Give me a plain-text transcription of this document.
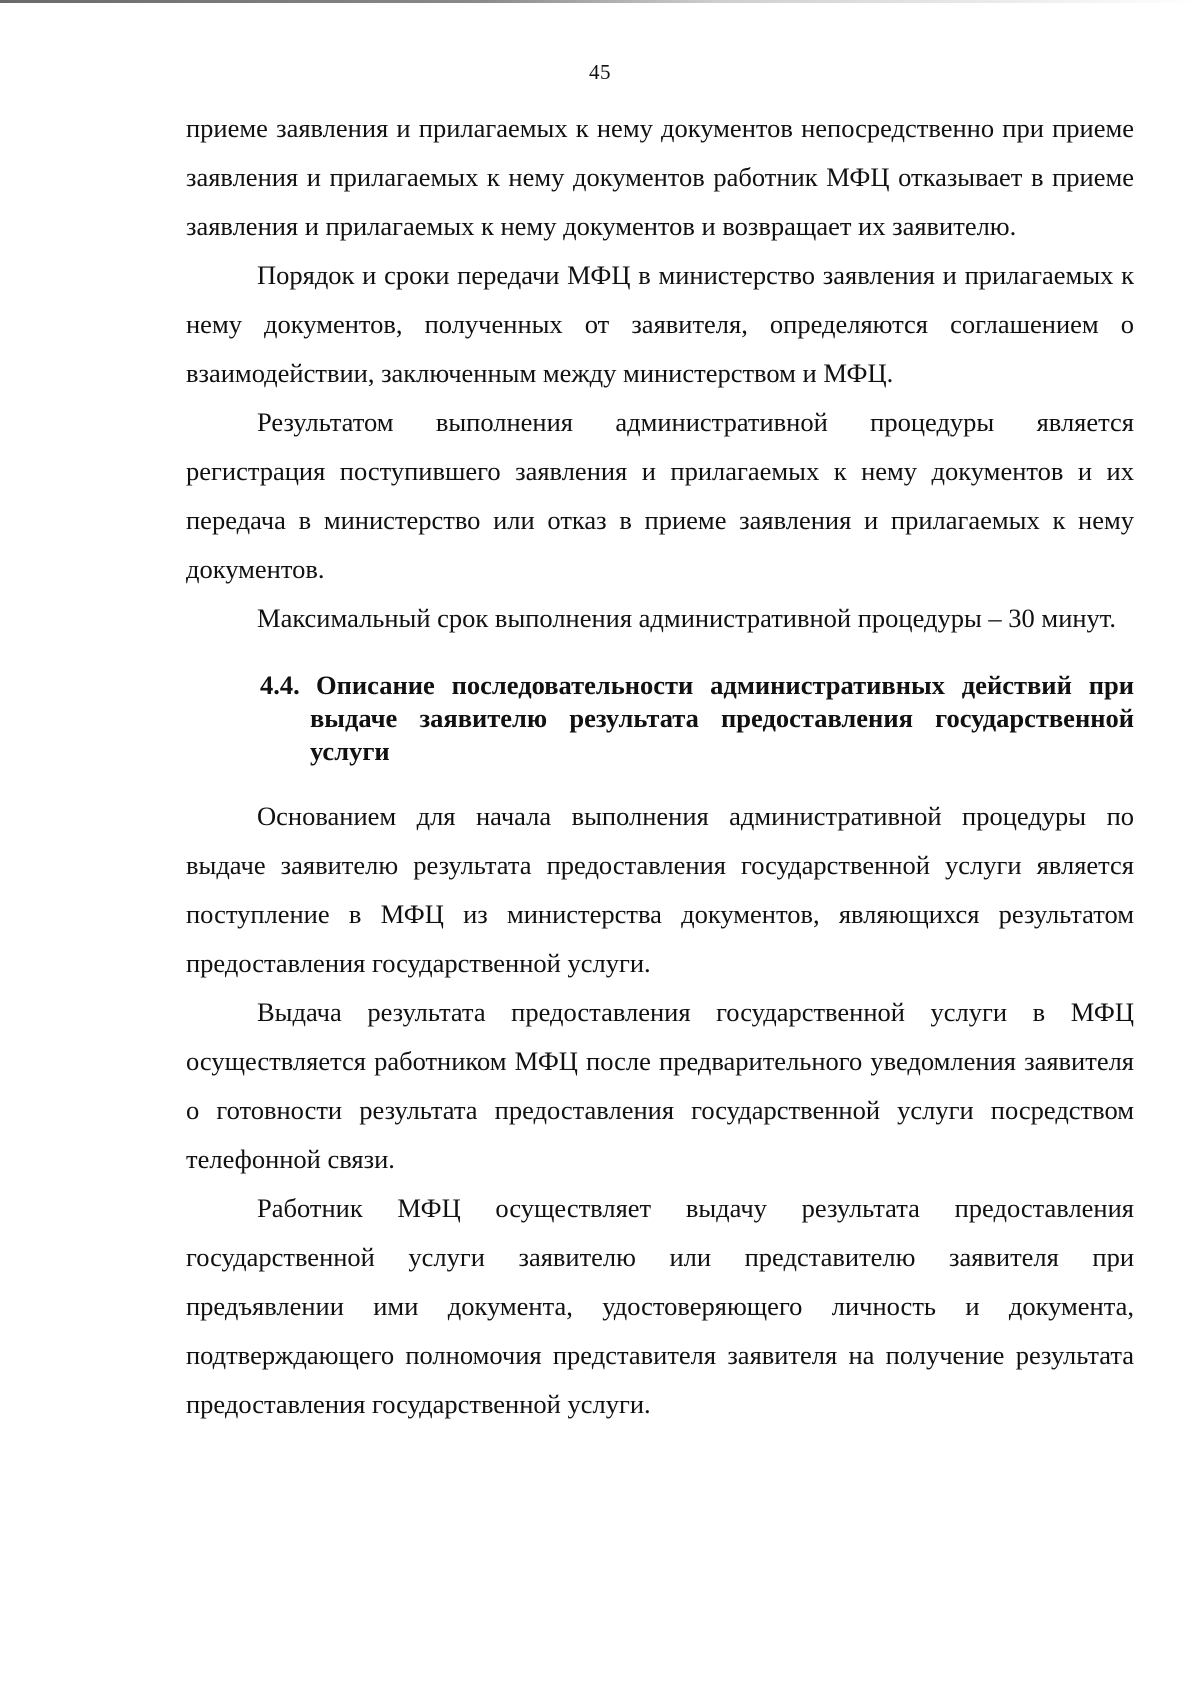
45

приеме заявления и прилагаемых к нему документов непосредственно при приеме заявления и прилагаемых к нему документов работник МФЦ отказывает в приеме заявления и прилагаемых к нему документов и возвращает их заявителю.

Порядок и сроки передачи МФЦ в министерство заявления и прилагаемых к нему документов, полученных от заявителя, определяются соглашением о взаимодействии, заключенным между министерством и МФЦ.

Результатом выполнения административной процедуры является регистрация поступившего заявления и прилагаемых к нему документов и их передача в министерство или отказ в приеме заявления и прилагаемых к нему документов.

Максимальный срок выполнения административной процедуры – 30 минут.

4.4. Описание последовательности административных действий при выдаче заявителю результата предоставления государственной услуги

Основанием для начала выполнения административной процедуры по выдаче заявителю результата предоставления государственной услуги является поступление в МФЦ из министерства документов, являющихся результатом предоставления государственной услуги.

Выдача результата предоставления государственной услуги в МФЦ осуществляется работником МФЦ после предварительного уведомления заявителя о готовности результата предоставления государственной услуги посредством телефонной связи.

Работник МФЦ осуществляет выдачу результата предоставления государственной услуги заявителю или представителю заявителя при предъявлении ими документа, удостоверяющего личность и документа, подтверждающего полномочия представителя заявителя на получение результата предоставления государственной услуги.
